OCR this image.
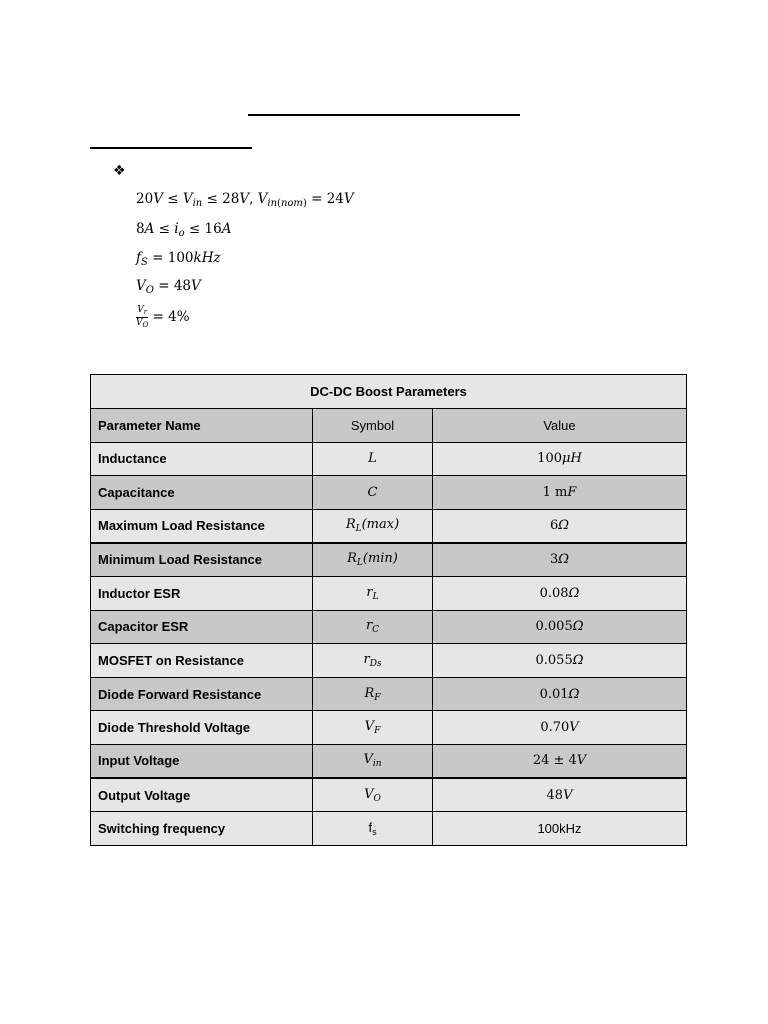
❖
$20V \le V_{in} \le 28V$, $V_{in(nom)} = 24V$
$8A \le i_o \le 16A$
$f_S = 100kHz$
$V_O = 48V$
$\frac{V_r}{V_O} = 4\%$
DC-DC Boost Parameters		
Parameter Name	Symbol	Value
Inductance	L	100μH
Capacitance	C	1 mF
Maximum Load Resistance	$R_L(\max)$	6Ω
Minimum Load Resistance	$R_L(\min)$	3Ω
Inductor ESR	$r_L$	0.08Ω
Capacitor ESR	$r_C$	0.005Ω
MOSFET on Resistance	$r_{Ds}$	0.055Ω
Diode Forward Resistance	$R_F$	0.01Ω
Diode Threshold Voltage	$V_F$	0.70V
Input Voltage	$V_{in}$	24 ± 4V
Output Voltage	$V_O$	48V
Switching frequency	$f_s$	100kHz
